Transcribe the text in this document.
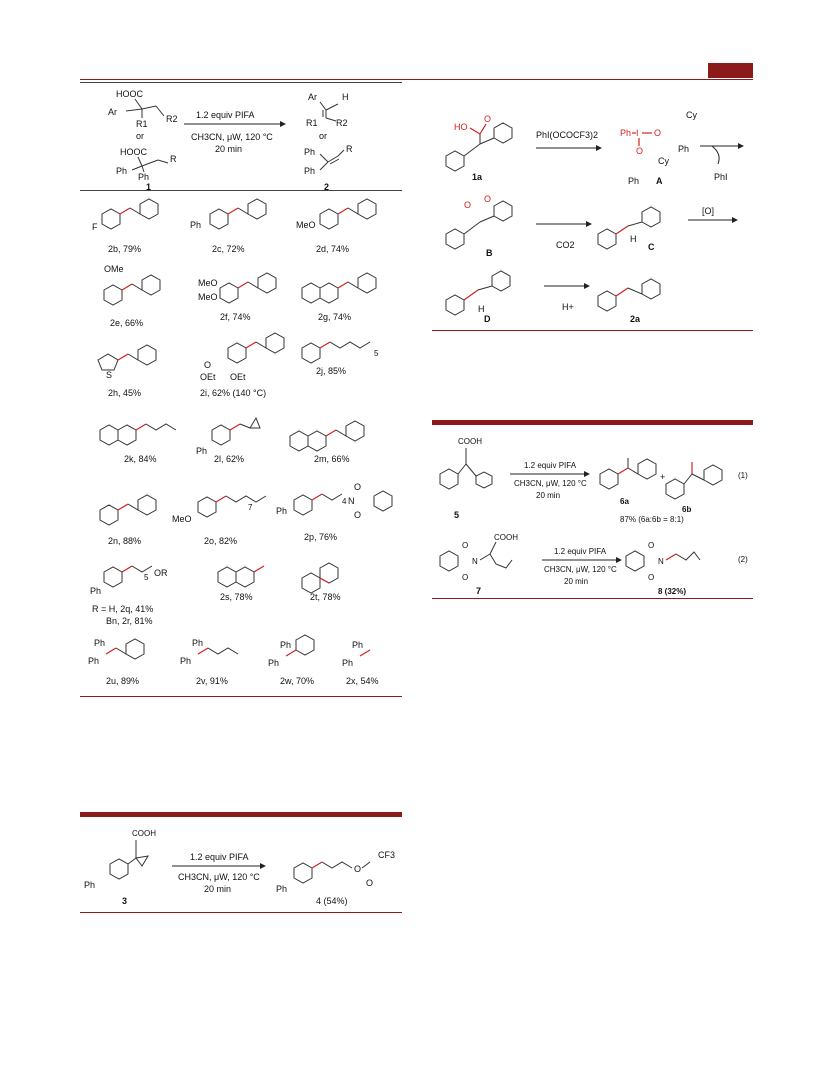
HOOC
Ar
R1 R2
or
HOOC
R
Ph
Ph
1
1.2 equiv PIFA
CH3CN, μW, 120 °C
20 min
Ar	H
R1 R2
or
Ph	R
Ph
2
F
2b, 79%
Ph
2c, 72%
MeO
2d, 74%
OMe
2e, 66%
MeO
MeO
2f, 74%	2g, 74%
S
2h, 45%
O
OEt OEt
2i, 62% (140 °C)
5
2j, 85%
2k, 84%
Ph
2l, 62%	2m, 66%
2n, 88%
7
MeO
2o, 82%
4 N
O
O
Ph
2p, 76%
5 OR
Ph
R = H, 2q, 41%
Bn, 2r, 81%
2s, 78%	2t, 78%
Ph
Ph
2u, 89%
Ph
Ph
2v, 91%
Ph
Ph
2w, 70%
Ph
Ph
2x, 54%
COOH
Ph
3
1.2 equiv PIFA
CH3CN, μW, 120 °C
20 min
O
O
CF3
Ph
4 (54%)
HO
O
1a
PhI(OCOCF3)2 Ph I O
O
Cy
Ph
Cy
Ph A	PhI
O
O
B
CO2
H
C
[O]
H
D
H+
2a
COOH
5
1.2 equiv PIFA
CH3CN, μW, 120 °C
20 min
6a
+
6b
87% (6a:6b = 8:1)
(1)
N
O
O
COOH
7
1.2 equiv PIFA
CH3CN, μW, 120 °C
20 min
N
O
O
8 (32%)
(2)
